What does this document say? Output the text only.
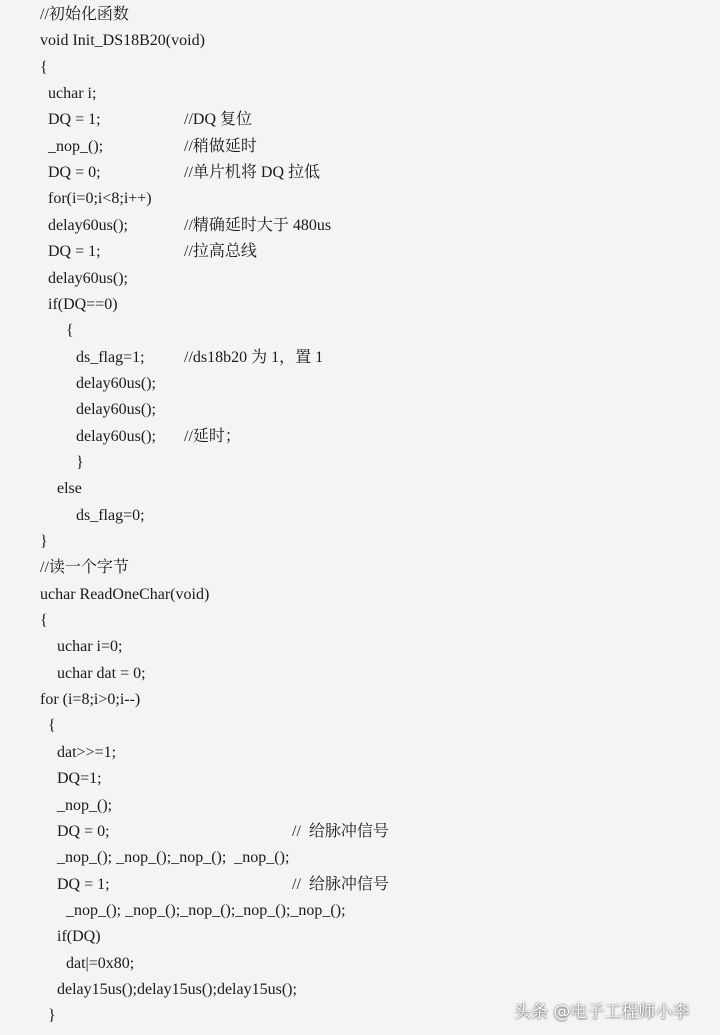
//初始化函数
void Init_DS18B20(void)
{
uchar i;
DQ = 1;	//DQ 复位
_nop_();	//稍做延时
DQ = 0;	//单片机将 DQ 拉低
for(i=0;i<8;i++)
delay60us();	//精确延时大于 480us
DQ = 1;	//拉高总线
delay60us();
if(DQ==0)
{
ds_flag=1; //ds18b20 为 1，置 1
delay60us();
delay60us();
delay60us(); //延时；
}
else
ds_flag=0;
}
//读一个字节
uchar ReadOneChar(void)
{
uchar i=0;
uchar dat = 0;
for (i=8;i>0;i--)
{
dat>>=1;
DQ=1;
_nop_();
DQ = 0;	//  给脉冲信号
_nop_(); _nop_();_nop_();  _nop_();
DQ = 1;	//  给脉冲信号
_nop_(); _nop_();_nop_();_nop_();_nop_();
if(DQ)
dat|=0x80;
delay15us();delay15us();delay15us();
}	头条 @电子工程师小李
